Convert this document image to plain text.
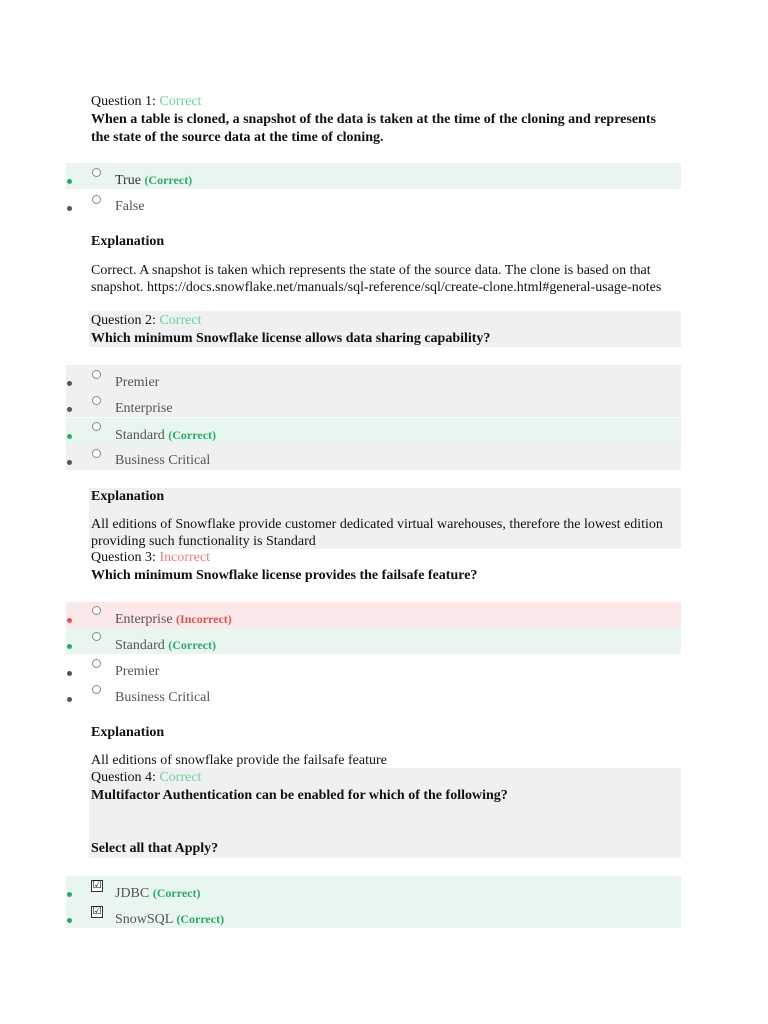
Question 1: Correct
When a table is cloned, a snapshot of the data is taken at the time of the cloning and represents the state of the source data at the time of cloning.
True (Correct)
False
Explanation
Correct. A snapshot is taken which represents the state of the source data. The clone is based on that snapshot. https://docs.snowflake.net/manuals/sql-reference/sql/create-clone.html#general-usage-notes
Question 2: Correct
Which minimum Snowflake license allows data sharing capability?
Premier
Enterprise
Standard (Correct)
Business Critical
Explanation
All editions of Snowflake provide customer dedicated virtual warehouses, therefore the lowest edition providing such functionality is Standard
Question 3: Incorrect
Which minimum Snowflake license provides the failsafe feature?
Enterprise (Incorrect)
Standard (Correct)
Premier
Business Critical
Explanation
All editions of snowflake provide the failsafe feature
Question 4: Correct
Multifactor Authentication can be enabled for which of the following?
Select all that Apply?
☑
JDBC (Correct)
☑
SnowSQL (Correct)
